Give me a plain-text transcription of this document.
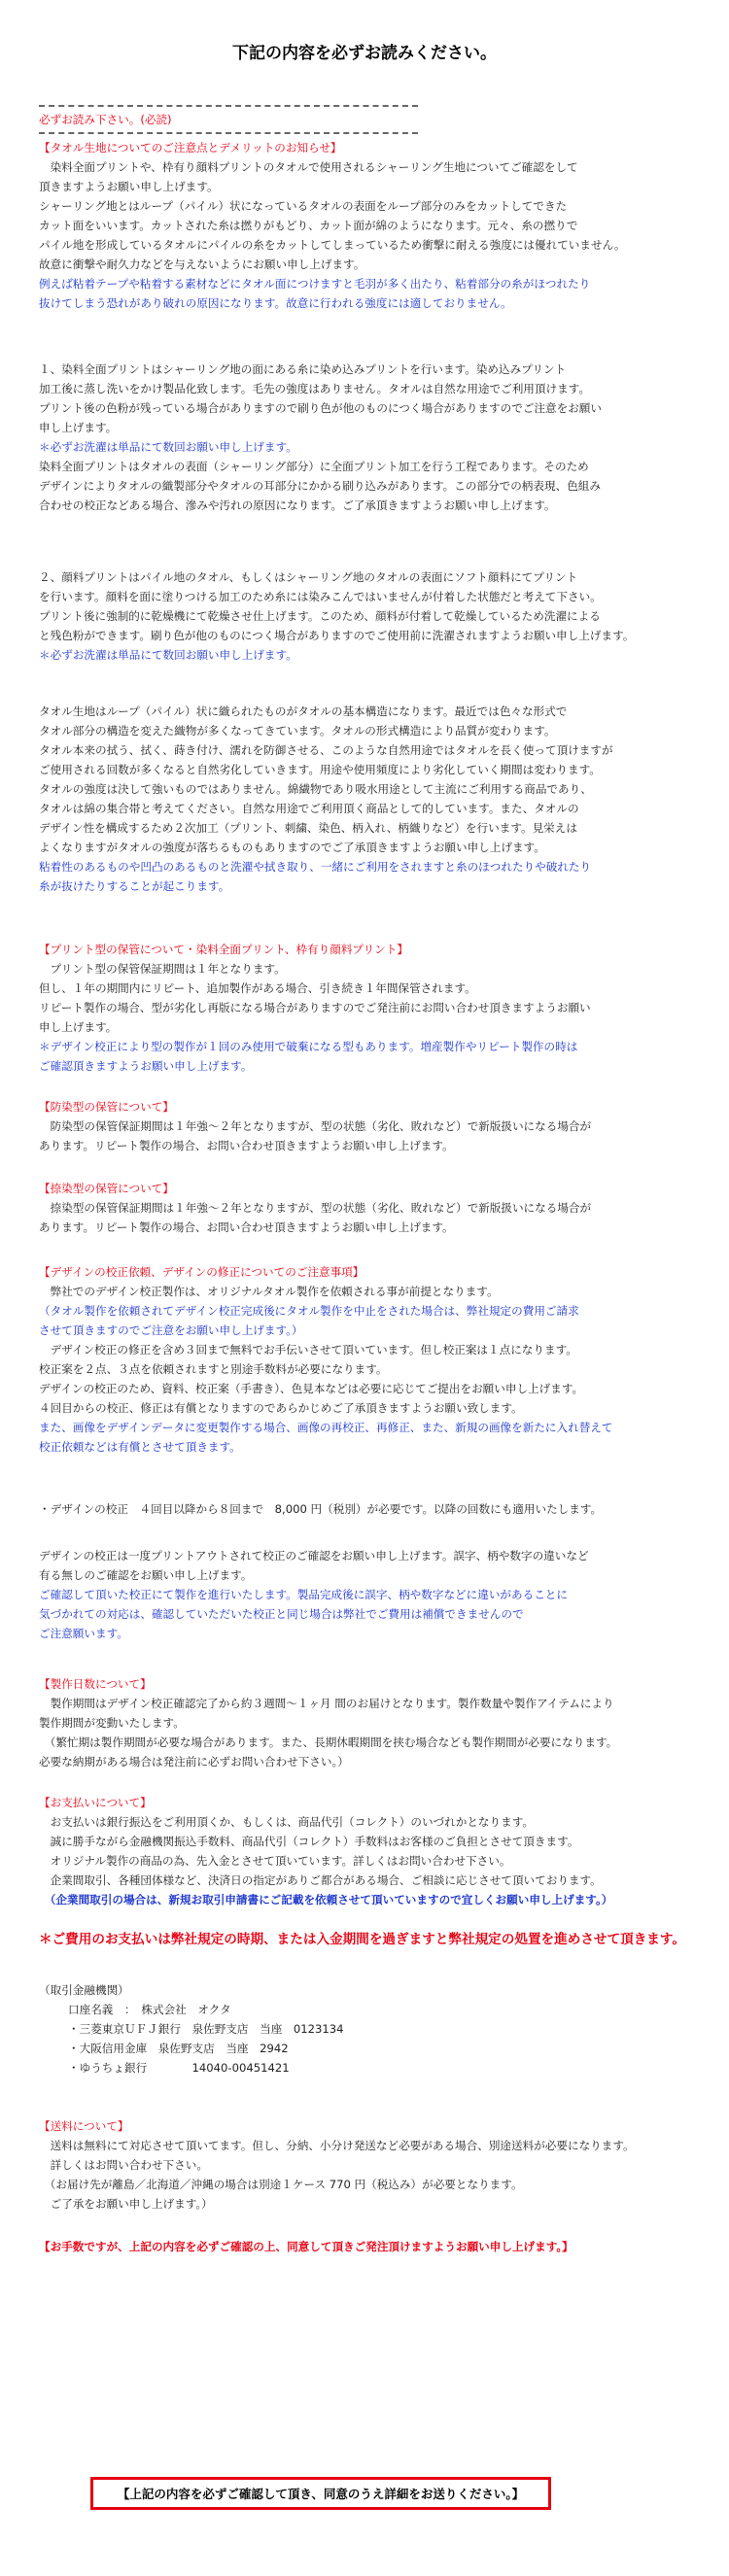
下記の内容を必ずお読みください。
必ずお読み下さい。(必読)
【タオル生地についてのご注意点とデメリットのお知らせ】
　染料全面プリントや、枠有り顔料プリントのタオルで使用されるシャーリング生地についてご確認をして
頂きますようお願い申し上げます。
シャーリング地とはループ（パイル）状になっているタオルの表面をループ部分のみをカットしてできた
カット面をいいます。カットされた糸は撚りがもどり、カット面が綿のようになります。元々、糸の撚りで
パイル地を形成しているタオルにパイルの糸をカットしてしまっているため衝撃に耐える強度には優れていません。
故意に衝撃や耐久力などを与えないようにお願い申し上げます。
例えば粘着テープや粘着する素材などにタオル面につけますと毛羽が多く出たり、粘着部分の糸がほつれたり
抜けてしまう恐れがあり破れの原因になります。故意に行われる強度には適しておりません。
１、染料全面プリントはシャーリング地の面にある糸に染め込みプリントを行います。染め込みプリント
加工後に蒸し洗いをかけ製品化致します。毛先の強度はありません。タオルは自然な用途でご利用頂けます。
プリント後の色粉が残っている場合がありますので刷り色が他のものにつく場合がありますのでご注意をお願い
申し上げます。
＊必ずお洗濯は単品にて数回お願い申し上げます。
染料全面プリントはタオルの表面（シャーリング部分）に全面プリント加工を行う工程であります。そのため
デザインによりタオルの織製部分やタオルの耳部分にかかる刷り込みがあります。この部分での柄表現、色組み
合わせの校正などある場合、滲みや汚れの原因になります。ご了承頂きますようお願い申し上げます。
２、顔料プリントはパイル地のタオル、もしくはシャーリング地のタオルの表面にソフト顔料にてプリント
を行います。顔料を面に塗りつける加工のため糸には染みこんではいませんが付着した状態だと考えて下さい。
プリント後に強制的に乾燥機にて乾燥させ仕上げます。このため、顔料が付着して乾燥しているため洗濯による
と残色粉ができます。刷り色が他のものにつく場合がありますのでご使用前に洗濯されますようお願い申し上げます。
＊必ずお洗濯は単品にて数回お願い申し上げます。
タオル生地はループ（パイル）状に織られたものがタオルの基本構造になります。最近では色々な形式で
タオル部分の構造を変えた織物が多くなってきています。タオルの形式構造により品質が変わります。
タオル本来の拭う、拭く、蒔き付け、濡れを防御させる、このような自然用途ではタオルを長く使って頂けますが
ご使用される回数が多くなると自然劣化していきます。用途や使用頻度により劣化していく期間は変わります。
タオルの強度は決して強いものではありません。綿繊物であり吸水用途として主流にご利用する商品であり、
タオルは綿の集合帯と考えてください。自然な用途でご利用頂く商品として的しています。また、タオルの
デザイン性を構成するため２次加工（プリント、刺繍、染色、柄入れ、柄織りなど）を行います。見栄えは
よくなりますがタオルの強度が落ちるものもありますのでご了承頂きますようお願い申し上げます。
粘着性のあるものや凹凸のあるものと洗濯や拭き取り、一緒にご利用をされますと糸のほつれたりや破れたり
糸が抜けたりすることが起こります。
【プリント型の保管について・染料全面プリント、枠有り顔料プリント】
　プリント型の保管保証期間は１年となります。
但し、１年の期間内にリピート、追加製作がある場合、引き続き１年間保管されます。
リピート製作の場合、型が劣化し再版になる場合がありますのでご発注前にお問い合わせ頂きますようお願い
申し上げます。
＊デザイン校正により型の製作が１回のみ使用で破棄になる型もあります。増産製作やリピート製作の時は
ご確認頂きますようお願い申し上げます。
【防染型の保管について】
　防染型の保管保証期間は１年強～２年となりますが、型の状態（劣化、敗れなど）で新版扱いになる場合が
あります。リピート製作の場合、お問い合わせ頂きますようお願い申し上げます。
【捺染型の保管について】
　捺染型の保管保証期間は１年強～２年となりますが、型の状態（劣化、敗れなど）で新版扱いになる場合が
あります。リピート製作の場合、お問い合わせ頂きますようお願い申し上げます。
【デザインの校正依頼、デザインの修正についてのご注意事項】
　弊社でのデザイン校正製作は、オリジナルタオル製作を依頼される事が前提となります。
（タオル製作を依頼されてデザイン校正完成後にタオル製作を中止をされた場合は、弊社規定の費用ご請求
させて頂きますのでご注意をお願い申し上げます。）
　デザイン校正の修正を含め３回まで無料でお手伝いさせて頂いています。但し校正案は１点になります。
校正案を２点、３点を依頼されますと別途手数料が必要になります。
デザインの校正のため、資料、校正案（手書き）、色見本などは必要に応じてご提出をお願い申し上げます。
４回目からの校正、修正は有償となりますのであらかじめご了承頂きますようお願い致します。
また、画像をデザインデータに変更製作する場合、画像の再校正、再修正、また、新規の画像を新たに入れ替えて
校正依頼などは有償とさせて頂きます。
・デザインの校正　４回目以降から８回まで　8,000 円（税別）が必要です。以降の回数にも適用いたします。
デザインの校正は一度プリントアウトされて校正のご確認をお願い申し上げます。誤字、柄や数字の違いなど
有る無しのご確認をお願い申し上げます。
ご確認して頂いた校正にて製作を進行いたします。製品完成後に誤字、柄や数字などに違いがあることに
気づかれての対応は、確認していただいた校正と同じ場合は弊社でご費用は補償できませんので
ご注意願います。
【製作日数について】
　製作期間はデザイン校正確認完了から約３週間～１ヶ月 間のお届けとなります。製作数量や製作アイテムにより
製作期間が変動いたします。
　（繁忙期は製作期間が必要な場合があります。また、長期休暇期間を挟む場合なども製作期間が必要になります。
必要な納期がある場合は発注前に必ずお問い合わせ下さい。）
【お支払いについて】
　お支払いは銀行振込をご利用頂くか、もしくは、商品代引（コレクト）のいづれかとなります。
　誠に勝手ながら金融機関振込手数料、商品代引（コレクト）手数料はお客様のご負担とさせて頂きます。
　オリジナル製作の商品の為、先入金とさせて頂いています。詳しくはお問い合わせ下さい。
　企業間取引、各種団体様など、決済日の指定がありご都合がある場合、ご相談に応じさせて頂いております。
　（企業間取引の場合は、新規お取引申請書にご記載を依頼させて頂いていますので宜しくお願い申し上げます。）
＊ご費用のお支払いは弊社規定の時期、または入金期間を過ぎますと弊社規定の処置を進めさせて頂きます。
（取引金融機関）
口座名義　：　株式会社　オクタ
・三菱東京ＵＦＪ銀行　泉佐野支店　当座　0123134
・大阪信用金庫　泉佐野支店　当座　2942
・ゆうちょ銀行　　　　14040-00451421
【送料について】
　送料は無料にて対応させて頂いてます。但し、分納、小分け発送など必要がある場合、別途送料が必要になります。
　詳しくはお問い合わせ下さい。
　（お届け先が離島／北海道／沖縄の場合は別途１ケース 770 円（税込み）が必要となります。
　ご了承をお願い申し上げます。）
【お手数ですが、上記の内容を必ずご確認の上、同意して頂きご発注頂けますようお願い申し上げます。】
【上記の内容を必ずご確認して頂き、同意のうえ詳細をお送りください。】
